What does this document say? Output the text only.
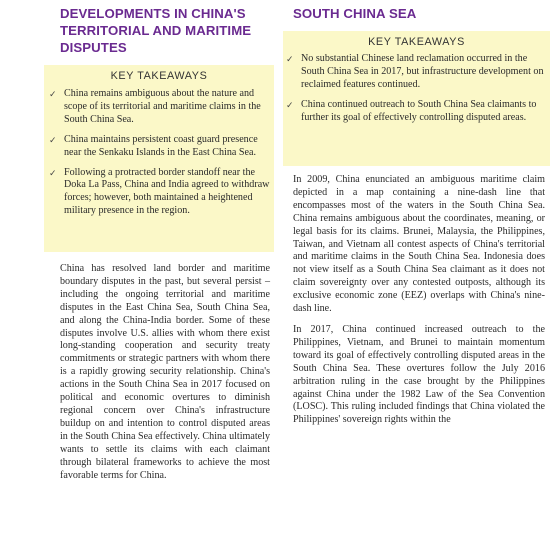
DEVELOPMENTS IN CHINA'S TERRITORIAL AND MARITIME DISPUTES
KEY TAKEAWAYS
✓ China remains ambiguous about the nature and scope of its territorial and maritime claims in the South China Sea.
✓ China maintains persistent coast guard presence near the Senkaku Islands in the East China Sea.
✓ Following a protracted border standoff near the Doka La Pass, China and India agreed to withdraw forces; however, both maintained a heightened military presence in the region.

China has resolved land border and maritime boundary disputes in the past, but several persist – including the ongoing territorial and maritime disputes in the East China Sea, South China Sea, and along the China-India border. Some of these disputes involve U.S. allies with whom there exist long-standing cooperation and security treaty commitments or strategic partners with whom there is a rapidly growing security relationship. China's actions in the South China Sea in 2017 focused on political and economic overtures to diminish regional concern over China's infrastructure buildup on and intention to control disputed areas in the South China Sea effectively. China ultimately wants to settle its claims with each claimant through bilateral frameworks to achieve the most favorable terms for China.

SOUTH CHINA SEA
KEY TAKEAWAYS
✓ No substantial Chinese land reclamation occurred in the South China Sea in 2017, but infrastructure development on reclaimed features continued.
✓ China continued outreach to South China Sea claimants to further its goal of effectively controlling disputed areas.

In 2009, China enunciated an ambiguous maritime claim depicted in a map containing a nine-dash line that encompasses most of the waters in the South China Sea. China remains ambiguous about the coordinates, meaning, or legal basis for its claims. Brunei, Malaysia, the Philippines, Taiwan, and Vietnam all contest aspects of China's territorial and maritime claims in the South China Sea. Indonesia does not view itself as a South China Sea claimant as it does not claim sovereignty over any contested outposts, although its exclusive economic zone (EEZ) overlaps with China's nine-dash line.

In 2017, China continued increased outreach to the Philippines, Vietnam, and Brunei to maintain momentum toward its goal of effectively controlling disputed areas in the South China Sea. These overtures follow the July 2016 arbitration ruling in the case brought by the Philippines against China under the 1982 Law of the Sea Convention (LOSC). This ruling included findings that China violated the Philippines' sovereign rights within the
